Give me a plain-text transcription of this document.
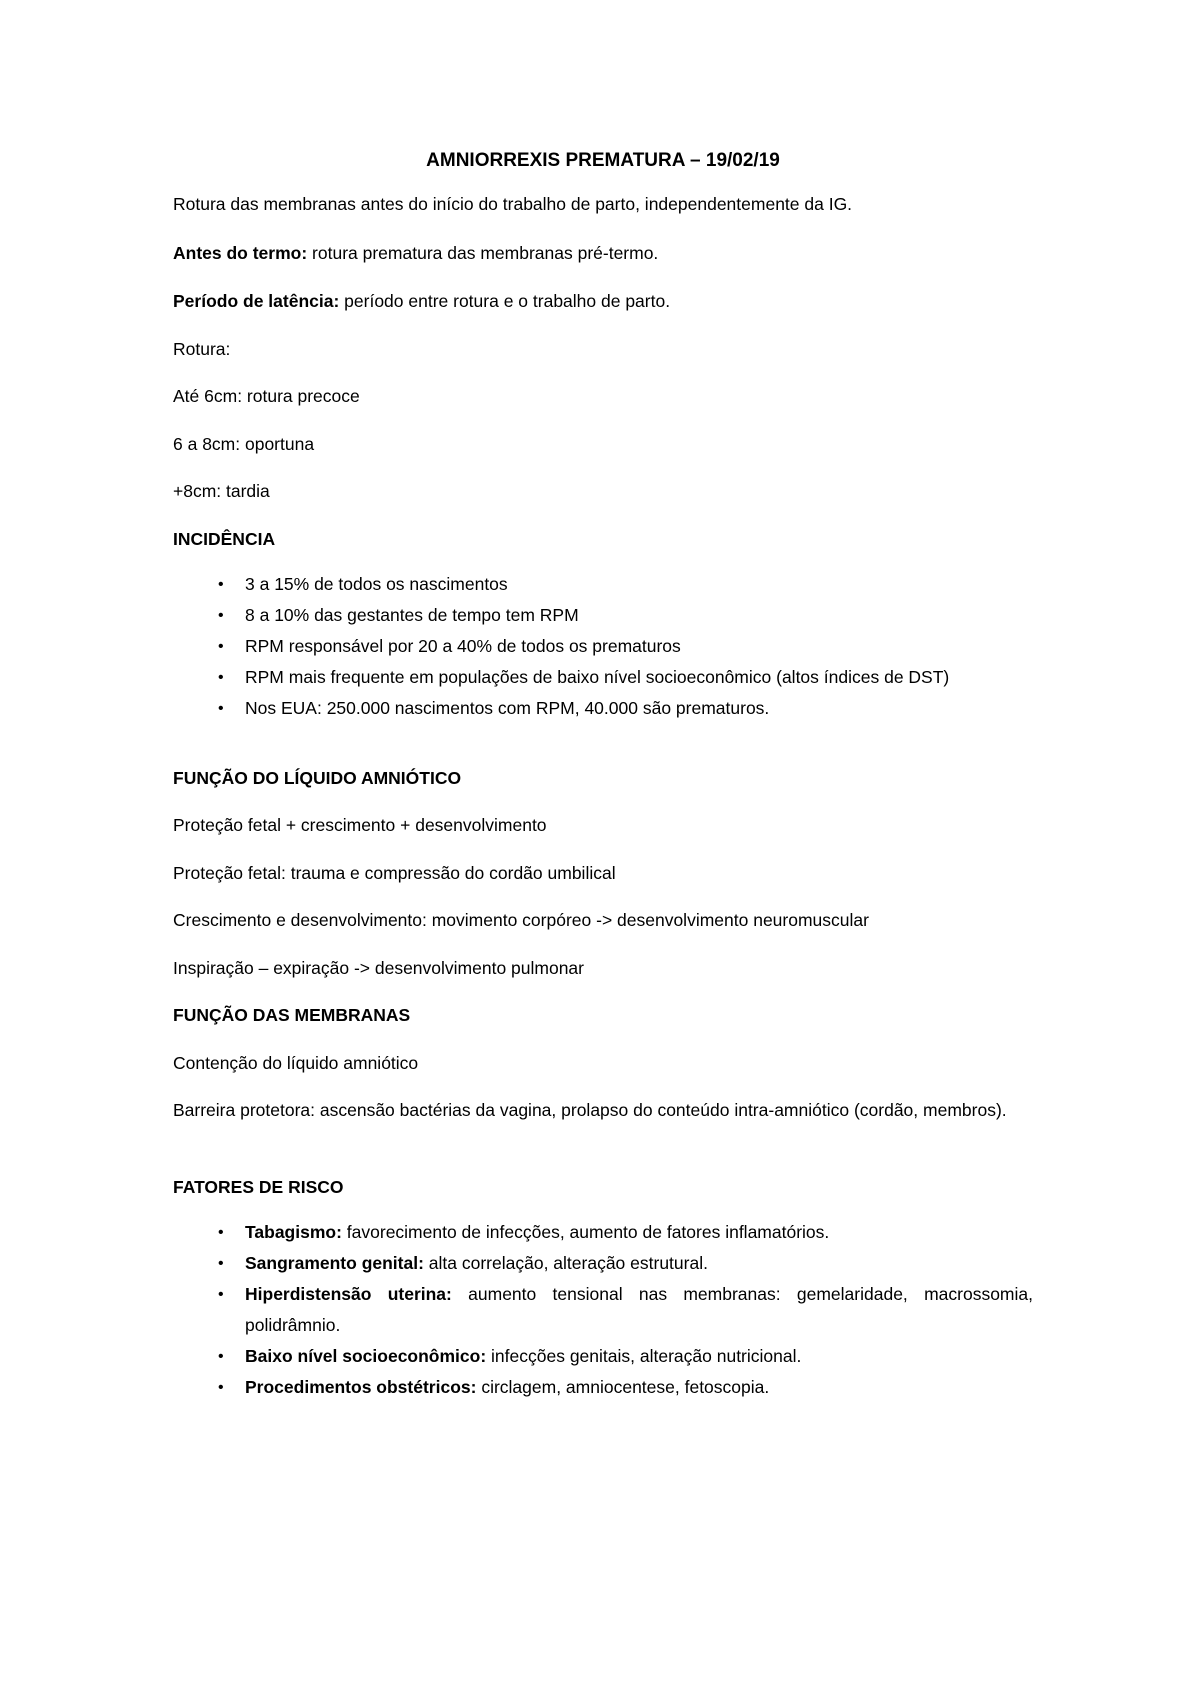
AMNIORREXIS PREMATURA – 19/02/19
Rotura das membranas antes do início do trabalho de parto, independentemente da IG.
Antes do termo: rotura prematura das membranas pré-termo.
Período de latência: período entre rotura e o trabalho de parto.
Rotura:
Até 6cm: rotura precoce
6 a 8cm: oportuna
+8cm: tardia
INCIDÊNCIA
• 3 a 15% de todos os nascimentos
• 8 a 10% das gestantes de tempo tem RPM
• RPM responsável por 20 a 40% de todos os prematuros
• RPM mais frequente em populações de baixo nível socioeconômico (altos índices de DST)
• Nos EUA: 250.000 nascimentos com RPM, 40.000 são prematuros.
FUNÇÃO DO LÍQUIDO AMNIÓTICO
Proteção fetal + crescimento + desenvolvimento
Proteção fetal: trauma e compressão do cordão umbilical
Crescimento e desenvolvimento: movimento corpóreo -> desenvolvimento neuromuscular
Inspiração – expiração -> desenvolvimento pulmonar
FUNÇÃO DAS MEMBRANAS
Contenção do líquido amniótico
Barreira protetora: ascensão bactérias da vagina, prolapso do conteúdo intra-amniótico (cordão, membros).
FATORES DE RISCO
• Tabagismo: favorecimento de infecções, aumento de fatores inflamatórios.
• Sangramento genital: alta correlação, alteração estrutural.
• Hiperdistensão uterina: aumento tensional nas membranas: gemelaridade, macrossomia, polidrâmnio.
• Baixo nível socioeconômico: infecções genitais, alteração nutricional.
• Procedimentos obstétricos: circlagem, amniocentese, fetoscopia.
